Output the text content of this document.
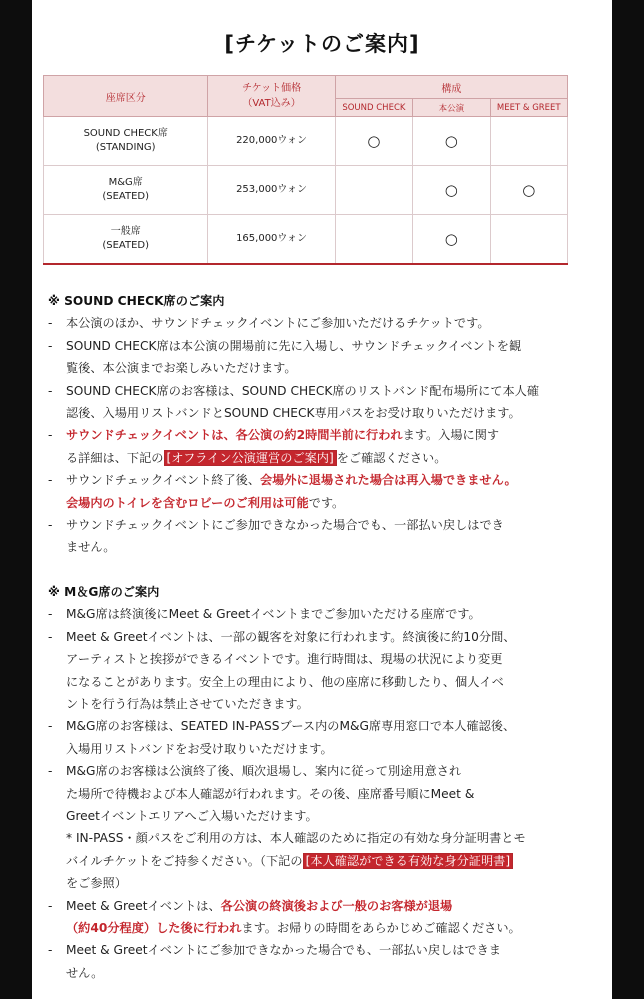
[チケットのご案内]
座席区分	チケット価格
（VAT込み）	構成		
		SOUND CHECK	本公演	MEET & GREET

SOUND CHECK席
(STANDING)	220,000ウォン	○	○	

M&G席
(SEATED)	253,000ウォン		○	○

一般席
(SEATED)	165,000ウォン		○	
※ SOUND CHECK席のご案内
- 本公演のほか、サウンドチェックイベントにご参加いただけるチケットです。
- SOUND CHECK席は本公演の開場前に先に入場し、サウンドチェックイベントを観
覧後、本公演までお楽しみいただけます。
- SOUND CHECK席のお客様は、SOUND CHECK席のリストバンド配布場所にて本人確
認後、入場用リストバンドとSOUND CHECK専用パスをお受け取りいただけます。
- サウンドチェックイベントは、各公演の約2時間半前に行われます。入場に関す
る詳細は、下記の [オフライン公演運営のご案内] をご確認ください。
- サウンドチェックイベント終了後、会場外に退場された場合は再入場できません。
会場内のトイレを含むロビーのご利用は可能です。
- サウンドチェックイベントにご参加できなかった場合でも、一部払い戻しはでき
ません。
※ M＆G席のご案内
- M&G席は終演後にMeet & Greetイベントまでご参加いただける座席です。
- Meet & Greetイベントは、一部の観客を対象に行われます。終演後に約10分間、
アーティストと挨拶ができるイベントです。進行時間は、現場の状況により変更
になることがあります。安全上の理由により、他の座席に移動したり、個人イベ
ントを行う行為は禁止させていただきます。
- M&G席のお客様は、SEATED IN-PASSブース内のM&G席専用窓口で本人確認後、
入場用リストバンドをお受け取りいただけます。
- M&G席のお客様は公演終了後、順次退場し、案内に従って別途用意され
た場所で待機および本人確認が行われます。その後、座席番号順にMeet &
Greetイベントエリアへご入場いただけます。
* IN-PASS・顔パスをご利用の方は、本人確認のために指定の有効な身分証明書とモ
バイルチケットをご持参ください。（下記の [本人確認ができる有効な身分証明書]
をご参照）
- Meet & Greetイベントは、各公演の終演後および一般のお客様が退場
（約40分程度）した後に行われます。お帰りの時間をあらかじめご確認ください。
- Meet & Greetイベントにご参加できなかった場合でも、一部払い戻しはできま
せん。
